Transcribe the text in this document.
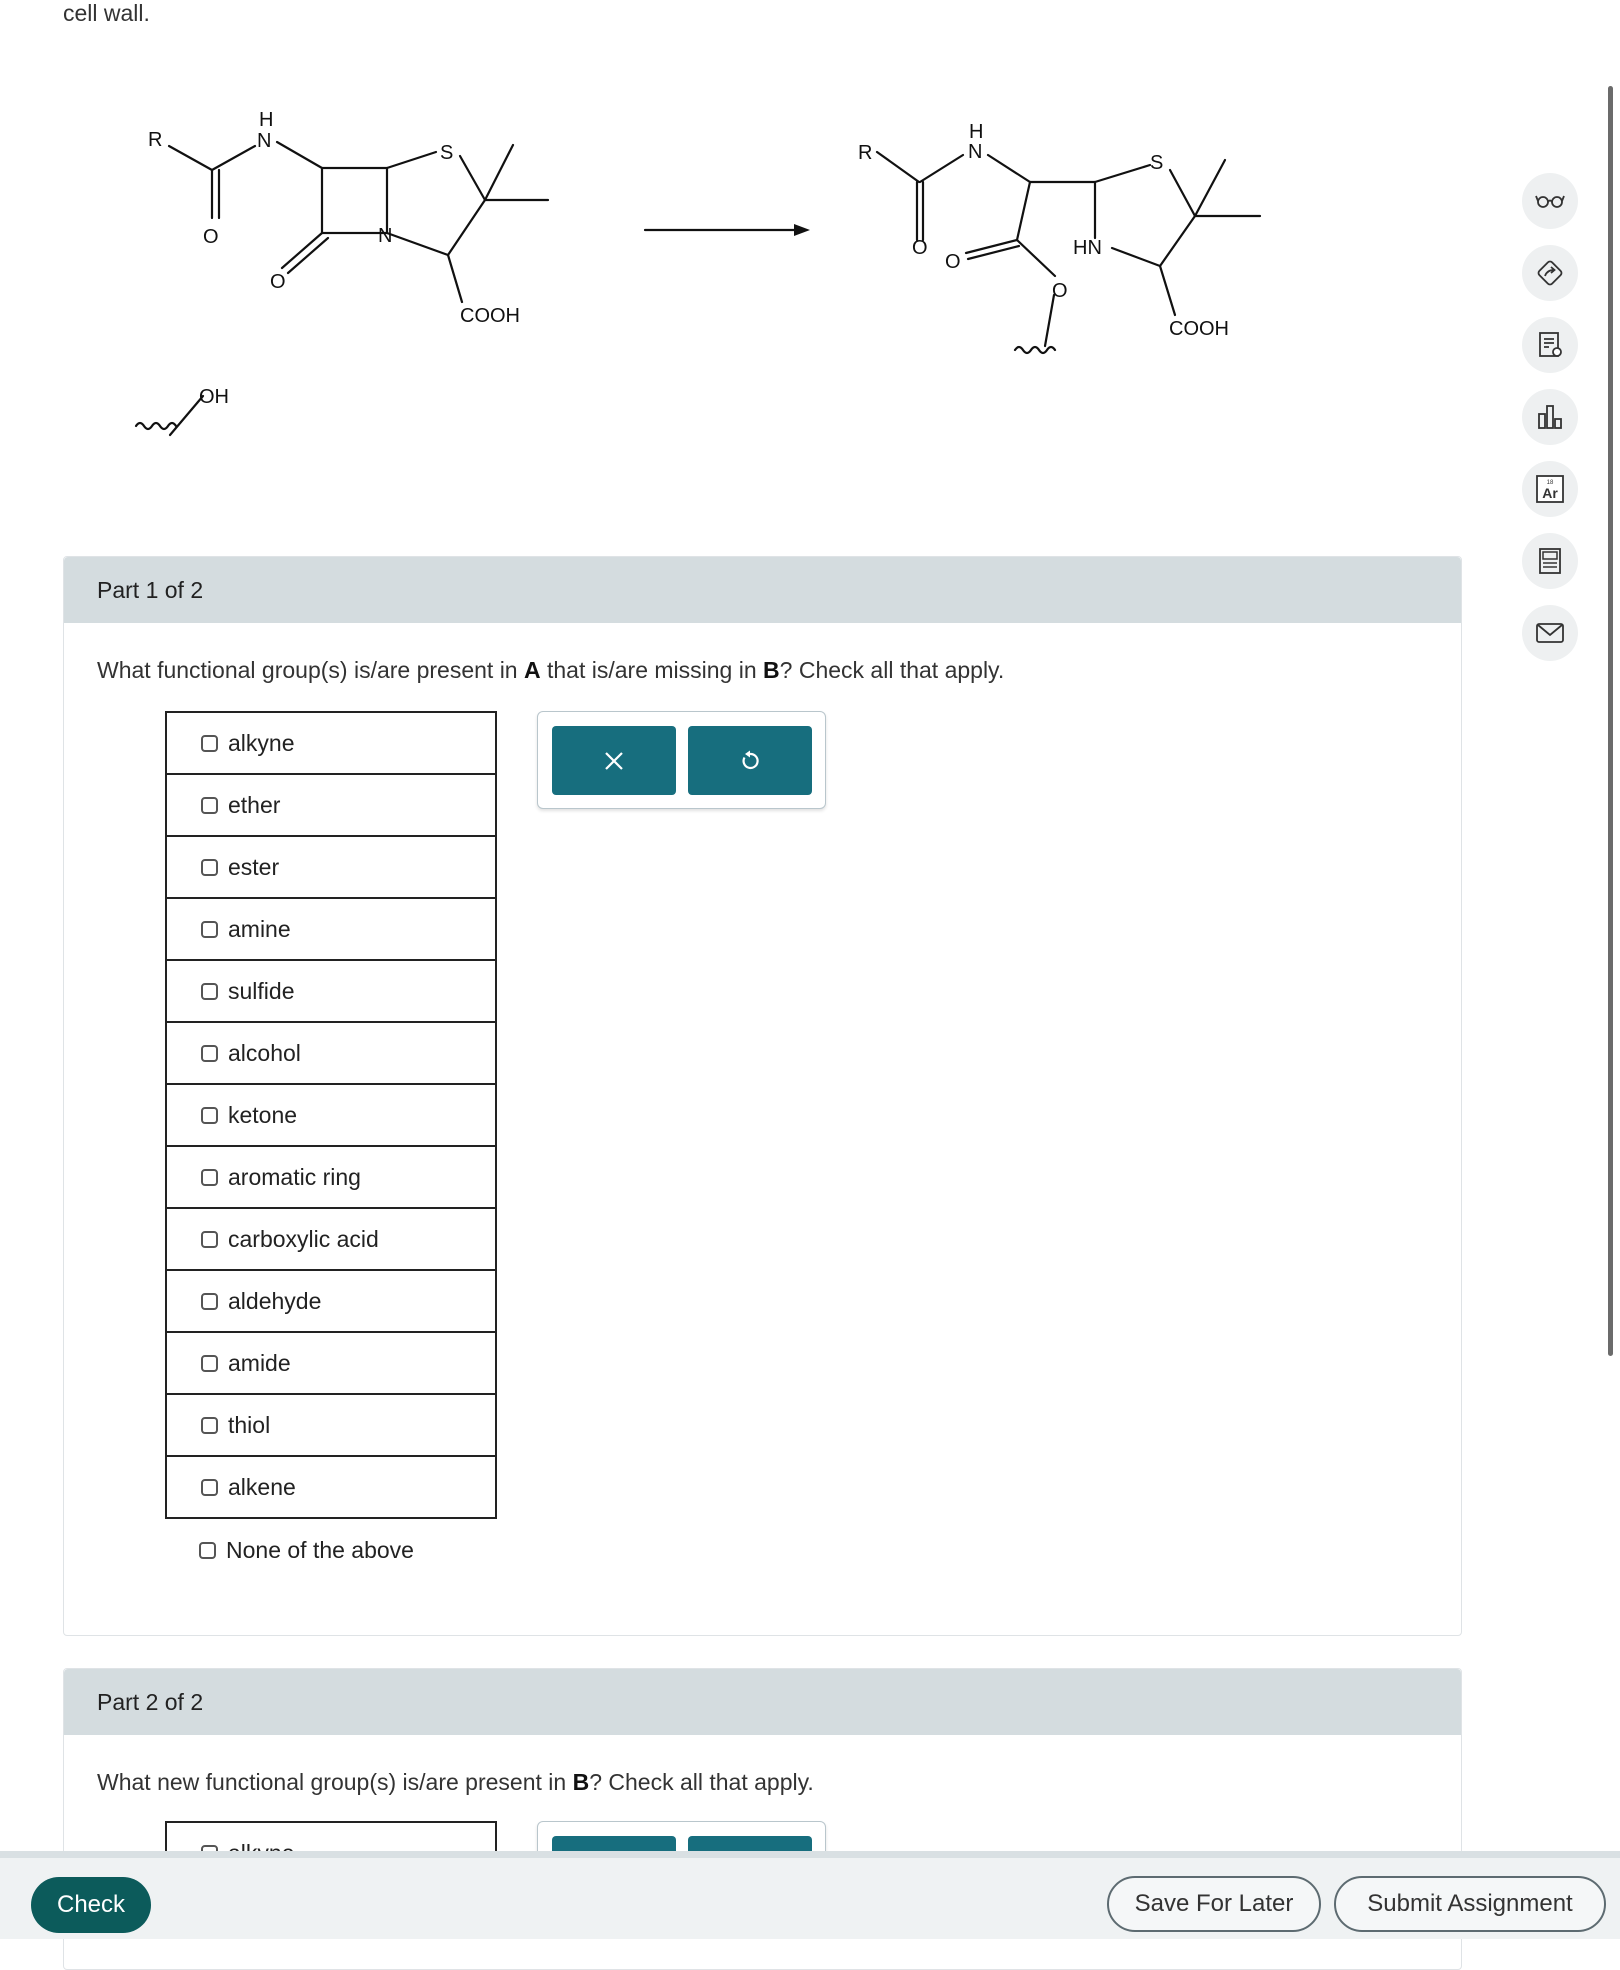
cell wall.
R
H
N
S
N
O
O
COOH
R
H
N	S
HN
O
O
O
COOH
OH
Part 1 of 2
What functional group(s) is/are present in A that is/are missing in B? Check all that apply.
alkyne
ether
ester
amine
sulfide
alcohol
ketone
aromatic ring
carboxylic acid
aldehyde
amide
thiol
alkene
None of the above
Part 2 of 2
What new functional group(s) is/are present in B? Check all that apply.
18
Ar
Check	Save For Later	Submit Assignment
